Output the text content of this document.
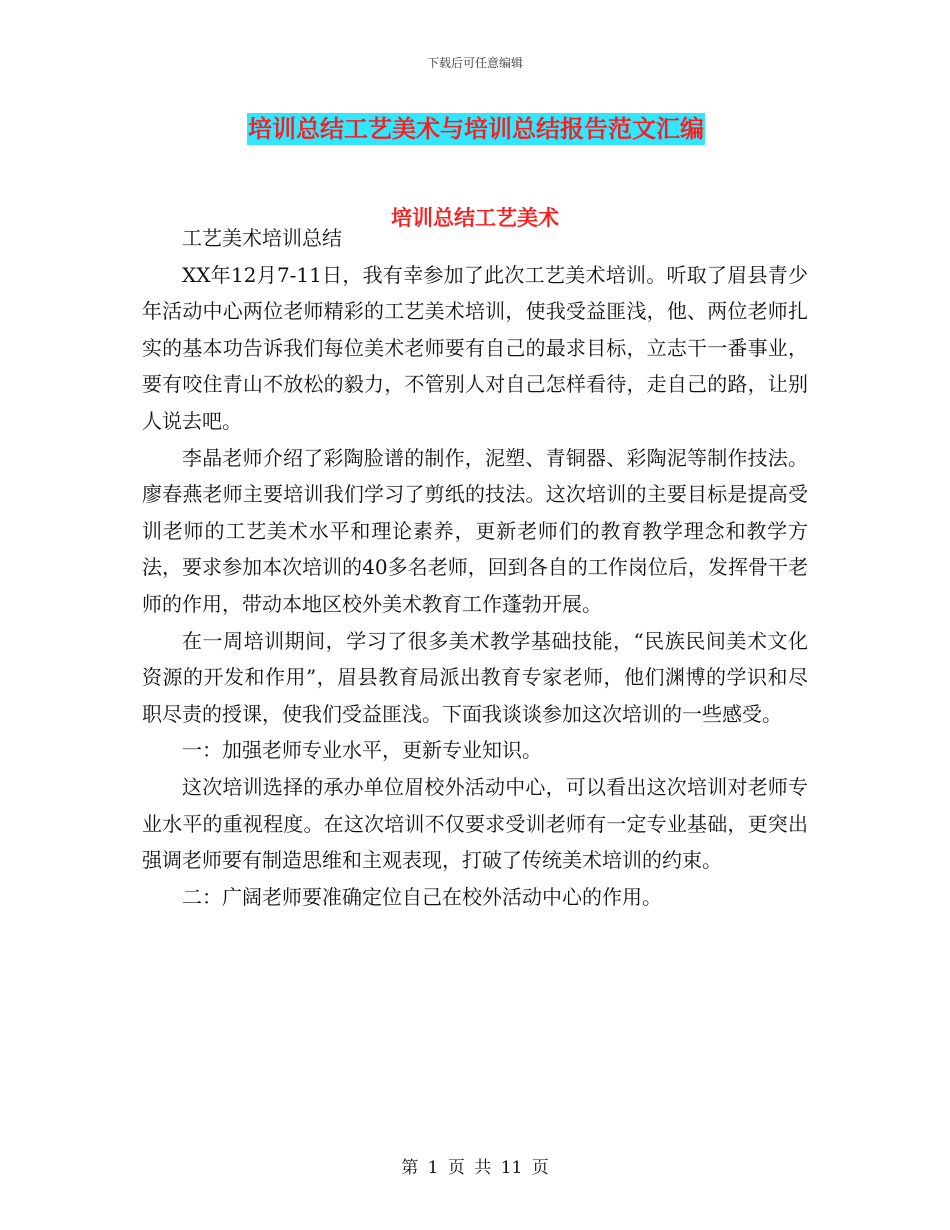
下载后可任意编辑
培训总结工艺美术与培训总结报告范文汇编
培训总结工艺美术

工艺美术培训总结

XX年12月7-11日，我有幸参加了此次工艺美术培训。听取了眉县青少年活动中心两位老师精彩的工艺美术培训，使我受益匪浅，他、两位老师扎实的基本功告诉我们每位美术老师要有自己的最求目标，立志干一番事业，要有咬住青山不放松的毅力，不管别人对自己怎样看待，走自己的路，让别人说去吧。

李晶老师介绍了彩陶脸谱的制作，泥塑、青铜器、彩陶泥等制作技法。廖春燕老师主要培训我们学习了剪纸的技法。这次培训的主要目标是提高受训老师的工艺美术水平和理论素养，更新老师们的教育教学理念和教学方法，要求参加本次培训的40多名老师，回到各自的工作岗位后，发挥骨干老师的作用，带动本地区校外美术教育工作蓬勃开展。

在一周培训期间，学习了很多美术教学基础技能，“民族民间美术文化资源的开发和作用”，眉县教育局派出教育专家老师，他们渊博的学识和尽职尽责的授课，使我们受益匪浅。下面我谈谈参加这次培训的一些感受。

一：加强老师专业水平，更新专业知识。

这次培训选择的承办单位眉校外活动中心，可以看出这次培训对老师专业水平的重视程度。在这次培训不仅要求受训老师有一定专业基础，更突出强调老师要有制造思维和主观表现，打破了传统美术培训的约束。

二：广阔老师要准确定位自己在校外活动中心的作用。

第 1 页 共 11 页
